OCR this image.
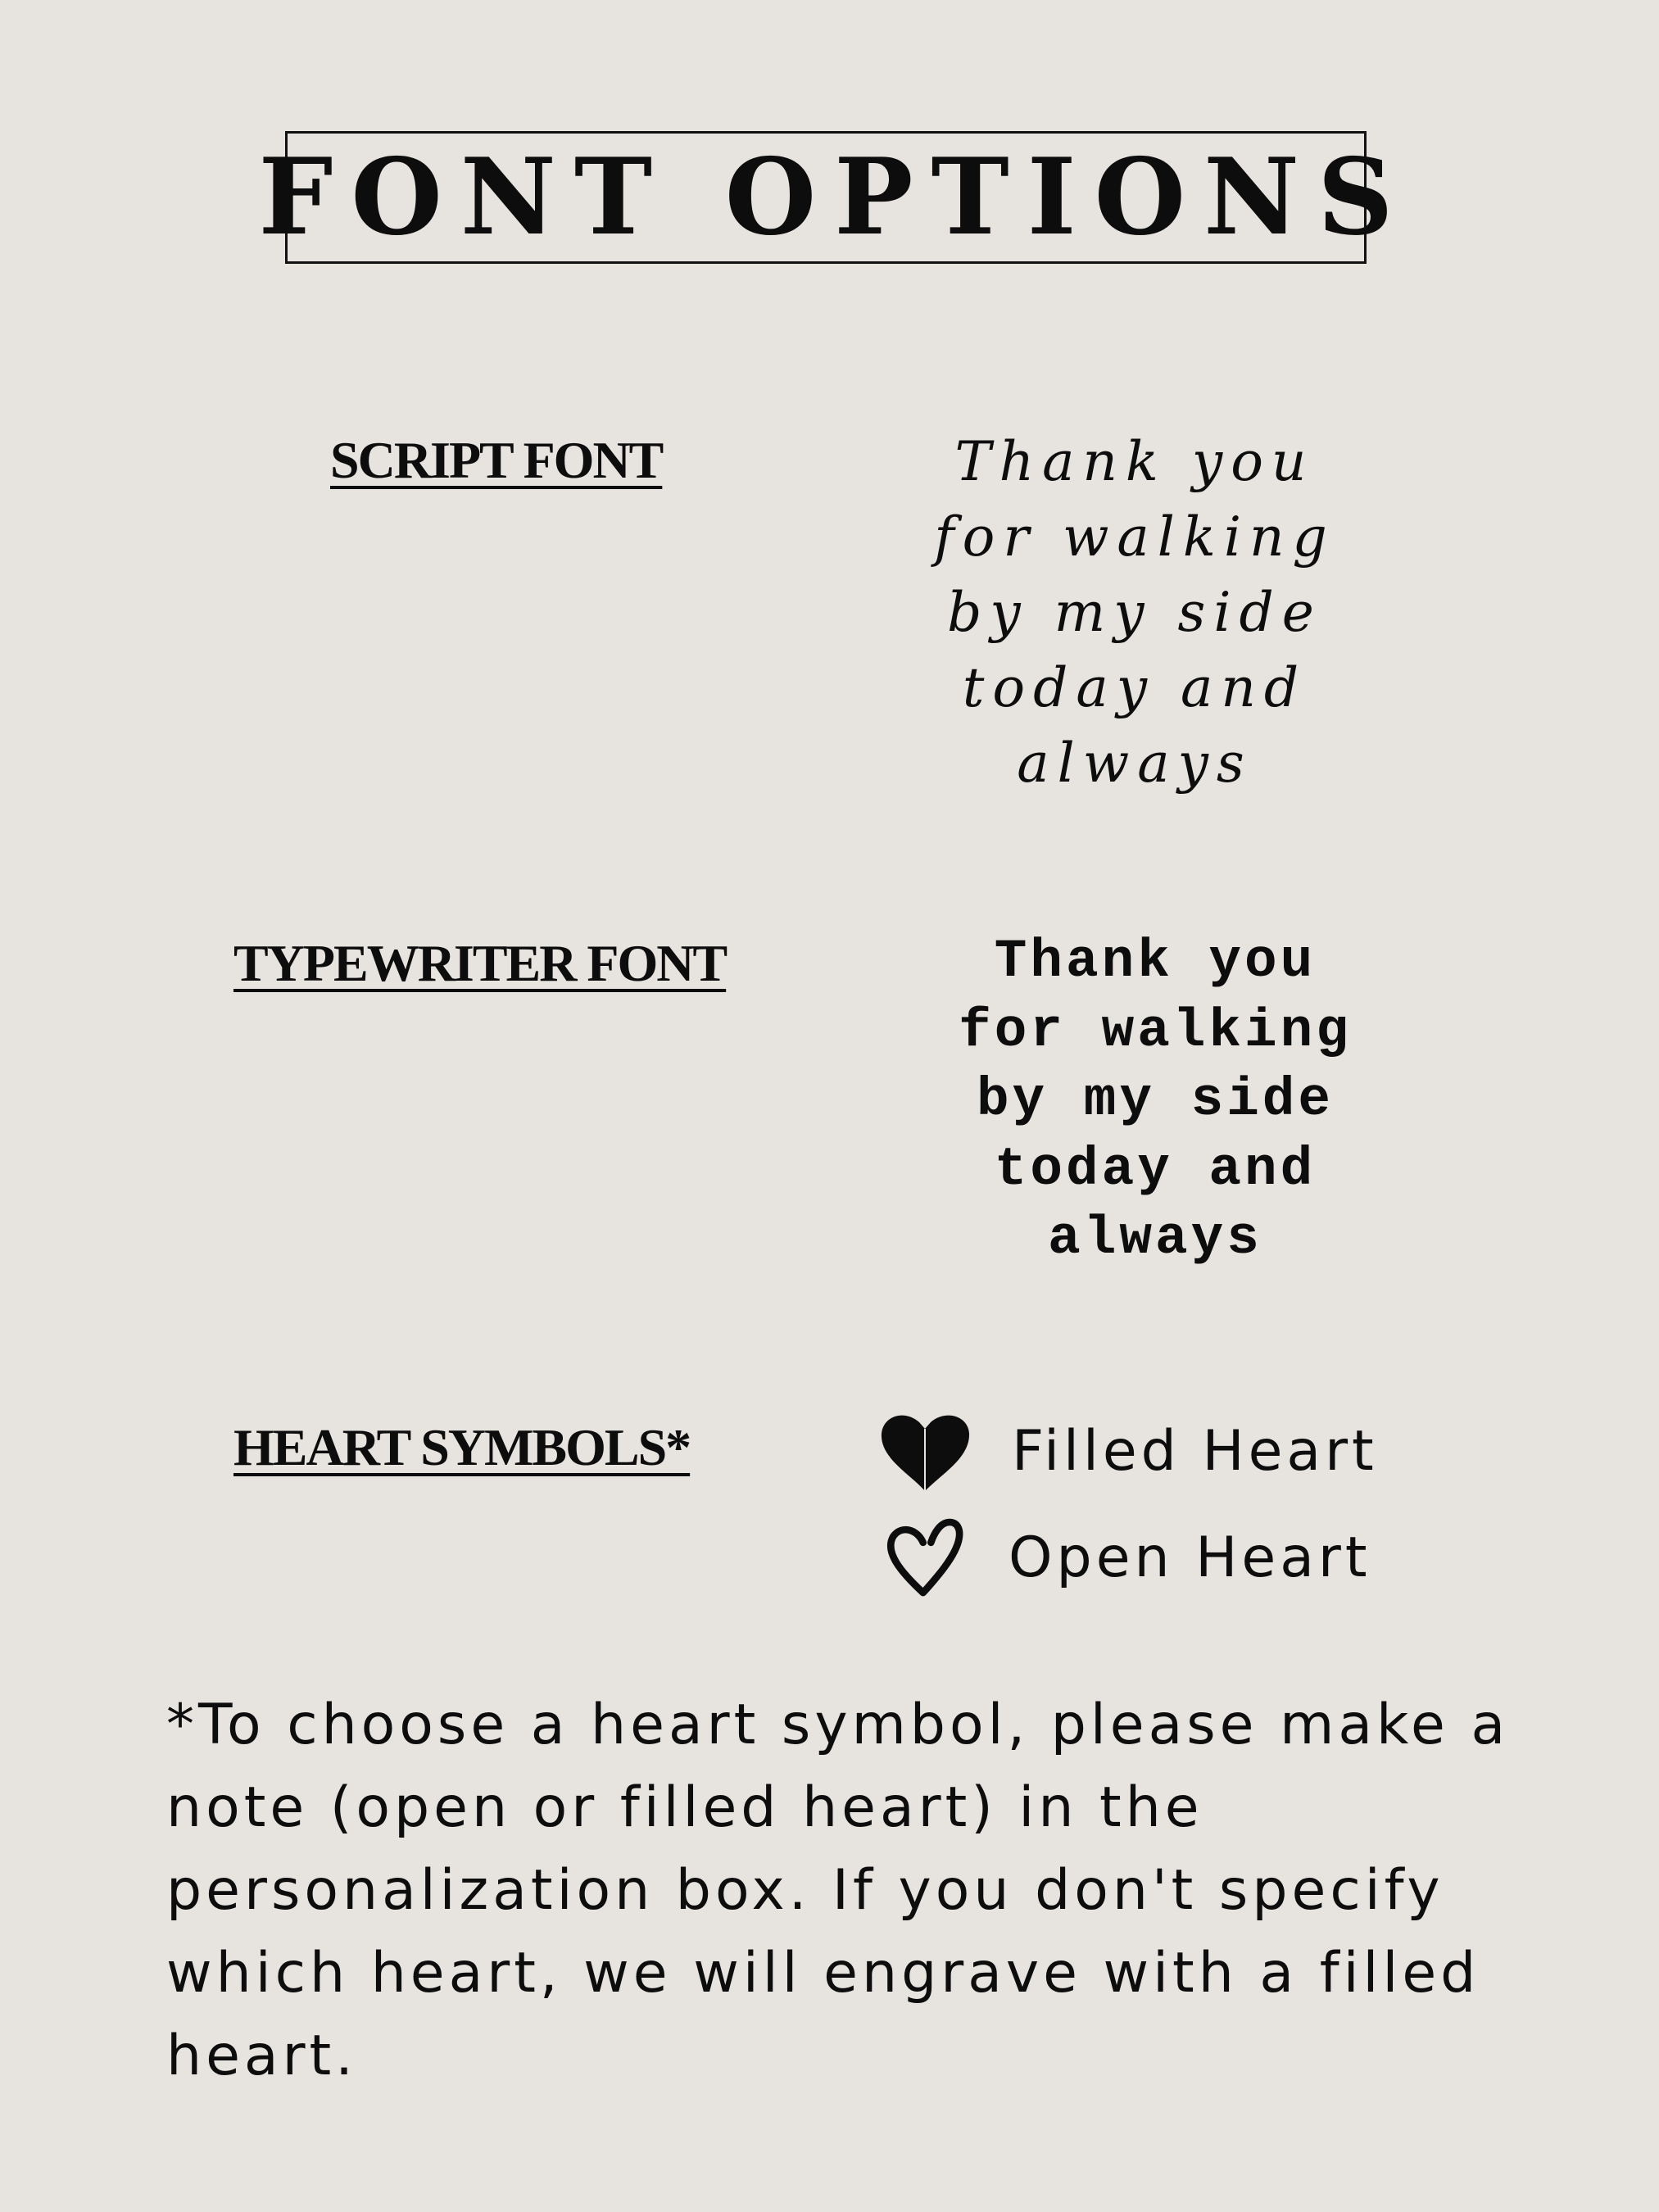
FONT OPTIONS
SCRIPT FONT	Thank you
for walking
by my side
today and
always
TYPEWRITER FONT	Thank you
for walking
by my side
today and
always
HEART SYMBOLS*	Filled Heart
Open Heart
*To choose a heart symbol, please make a note (open or filled heart) in the personalization box. If you don't specify which heart, we will engrave with a filled heart.
